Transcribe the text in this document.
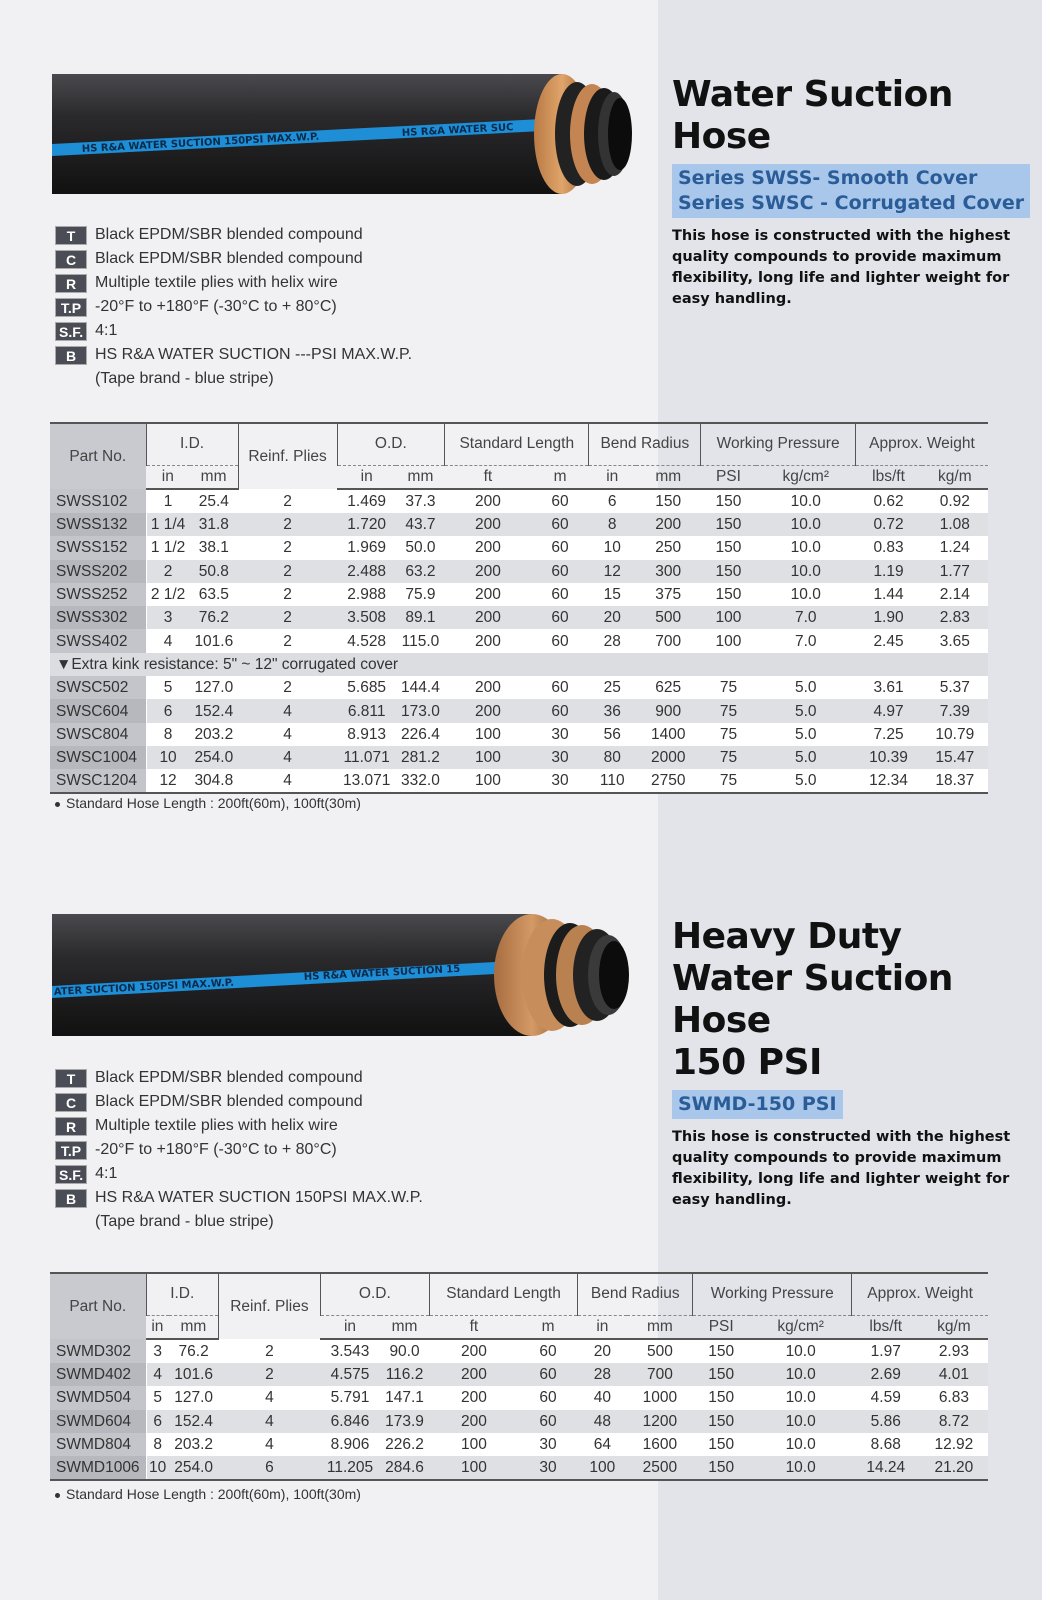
HS R&A WATER SUCTION 150PSI MAX.W.P.
HS R&A WATER SUC
Water Suction Hose
Series SWSS- Smooth Cover
Series SWSC - Corrugated Cover
This hose is constructed with the highest quality compounds to provide maximum flexibility, long life and lighter weight for easy handling.
T	Black EPDM/SBR blended compound
C	Black EPDM/SBR blended compound
R	Multiple textile plies with helix wire
T.P -20°F to +180°F (-30°C to + 80°C)
S.F. 4:1
B	HS R&A WATER SUCTION ---PSI MAX.W.P.
(Tape brand - blue stripe)
Part No.	I.D.		Reinf. Plies	O.D.		Standard Length		Bend Radius		Working Pressure		Approx. Weight	
	in	mm		in	mm	ft	m	in	mm	PSI	kg/cm²	lbs/ft	kg/m
SWSS102	1	25.4	2	1.469	37.3	200	60	6	150	150	10.0	0.62	0.92
SWSS132	1 1/4	31.8	2	1.720	43.7	200	60	8	200	150	10.0	0.72	1.08
SWSS152	1 1/2	38.1	2	1.969	50.0	200	60	10	250	150	10.0	0.83	1.24
SWSS202	2	50.8	2	2.488	63.2	200	60	12	300	150	10.0	1.19	1.77
SWSS252	2 1/2	63.5	2	2.988	75.9	200	60	15	375	150	10.0	1.44	2.14
SWSS302	3	76.2	2	3.508	89.1	200	60	20	500	100	7.0	1.90	2.83
SWSS402	4	101.6	2	4.528	115.0	200	60	28	700	100	7.0	2.45	3.65
▼Extra kink resistance: 5" ~ 12" corrugated cover													
SWSC502	5	127.0	2	5.685	144.4	200	60	25	625	75	5.0	3.61	5.37
SWSC604	6	152.4	4	6.811	173.0	200	60	36	900	75	5.0	4.97	7.39
SWSC804	8	203.2	4	8.913	226.4	100	30	56	1400	75	5.0	7.25	10.79
SWSC1004	10	254.0	4	11.071	281.2	100	30	80	2000	75	5.0	10.39	15.47
SWSC1204	12	304.8	4	13.071	332.0	100	30	110	2750	75	5.0	12.34	18.37
Standard Hose Length : 200ft(60m), 100ft(30m)
ATER SUCTION 150PSI MAX.W.P.
HS R&A WATER SUCTION 15
Heavy Duty
Water Suction Hose
150 PSI
SWMD-150 PSI
This hose is constructed with the highest quality compounds to provide maximum flexibility, long life and lighter weight for easy handling.
T	Black EPDM/SBR blended compound
C	Black EPDM/SBR blended compound
R	Multiple textile plies with helix wire
T.P -20°F to +180°F (-30°C to + 80°C)
S.F. 4:1
B	HS R&A WATER SUCTION 150PSI MAX.W.P.
(Tape brand - blue stripe)
Part No.	I.D.		Reinf. Plies	O.D.		Standard Length		Bend Radius		Working Pressure		Approx. Weight	
	in	mm		in	mm	ft	m	in	mm	PSI	kg/cm²	lbs/ft	kg/m
SWMD302	3	76.2	2	3.543	90.0	200	60	20	500	150	10.0	1.97	2.93
SWMD402	4	101.6	2	4.575	116.2	200	60	28	700	150	10.0	2.69	4.01
SWMD504	5	127.0	4	5.791	147.1	200	60	40	1000	150	10.0	4.59	6.83
SWMD604	6	152.4	4	6.846	173.9	200	60	48	1200	150	10.0	5.86	8.72
SWMD804	8	203.2	4	8.906	226.2	100	30	64	1600	150	10.0	8.68	12.92
SWMD1006	10	254.0	6	11.205	284.6	100	30	100	2500	150	10.0	14.24	21.20
Standard Hose Length : 200ft(60m), 100ft(30m)
